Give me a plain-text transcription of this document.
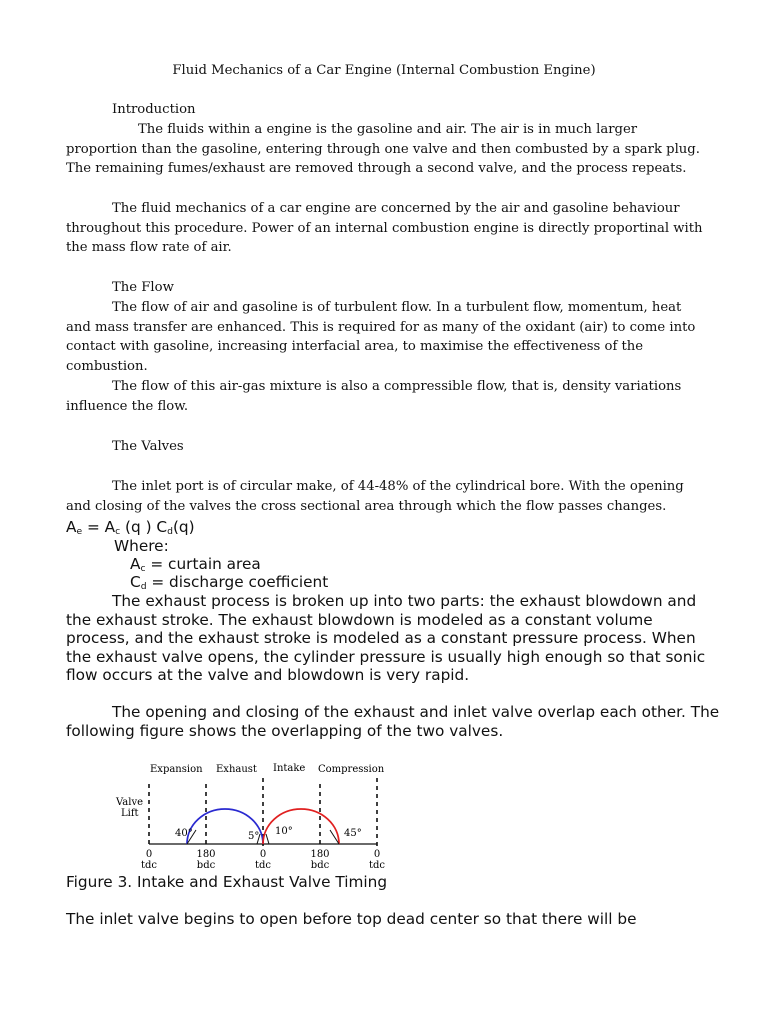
Fluid Mechanics of a Car Engine (Internal Combustion Engine)
Introduction

The fluids within a engine is the gasoline and air. The air is in much larger proportion than the gasoline, entering through one valve and then combusted by a spark plug. The remaining fumes/exhaust are removed through a second valve, and the process repeats.

The fluid mechanics of a car engine are concerned by the air and gasoline behaviour throughout this procedure. Power of an internal combustion engine is directly proportinal with the mass flow rate of air.

The Flow

The flow of air and gasoline is of turbulent flow. In a turbulent flow, momentum, heat and mass transfer are enhanced. This is required for as many of the oxidant (air) to come into contact with gasoline, increasing interfacial area, to maximise the effectiveness of the combustion.

The flow of this air-gas mixture is also a compressible flow, that is, density variations influence the flow.

The Valves

The inlet port is of circular make, of 44-48% of the cylindrical bore. With the opening and closing of the valves the cross sectional area through which the flow passes changes.

$A_e = A_c$ (q ) $C_d(q)$
Where:
$A_c$ = curtain area
$C_d$ = discharge coefficient

The exhaust process is broken up into two parts: the exhaust blowdown and the exhaust stroke. The exhaust blowdown is modeled as a constant volume process, and the exhaust stroke is modeled as a constant pressure process. When the exhaust valve opens, the cylinder pressure is usually high enough so that sonic flow occurs at the valve and blowdown is very rapid.

The opening and closing of the exhaust and inlet valve overlap each other. The following figure shows the overlapping of the two valves.

Expansion Exhaust Intake Compression
Valve
Lift
40°	5° 10°	45°
0	180	0	180	0
tdc	bdc	tdc	bdc	tdc
Figure 3. Intake and Exhaust Valve Timing
The inlet valve begins to open before top dead center so that there will be
